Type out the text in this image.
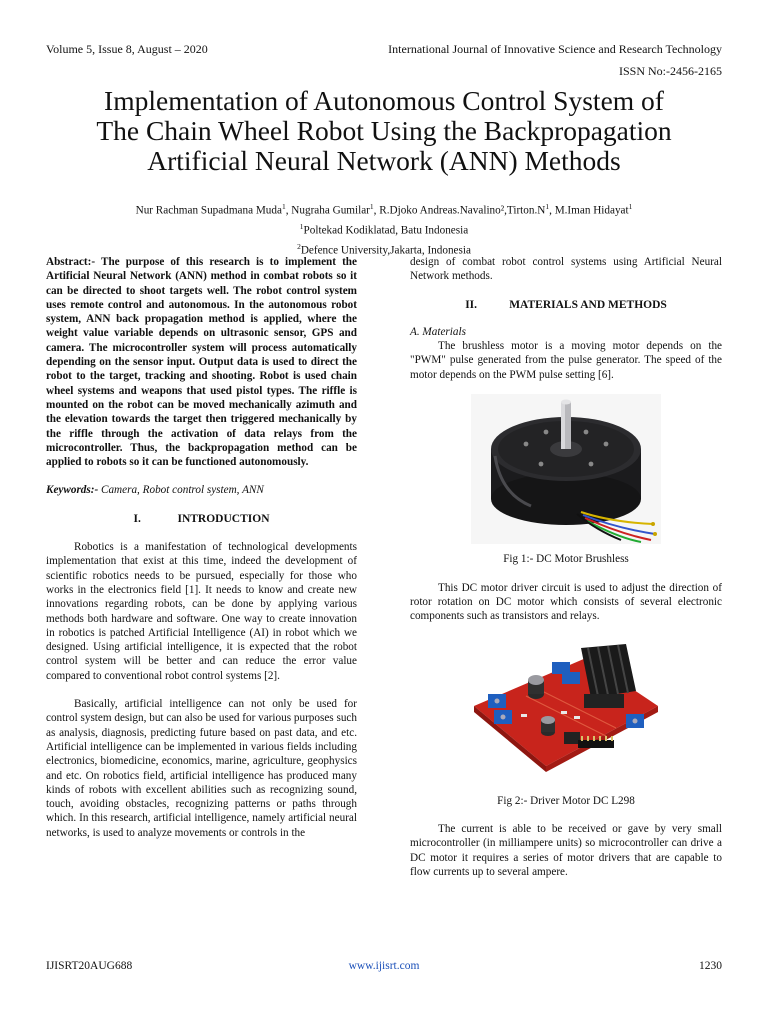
Volume 5, Issue 8, August – 2020	International Journal of Innovative Science and Research Technology
ISSN No:-2456-2165
Implementation of Autonomous Control System of
The Chain Wheel Robot Using the Backpropagation
Artificial Neural Network (ANN) Methods
Nur Rachman Supadmana Muda$^1$, Nugraha Gumilar$^1$, R.Djoko $Andreas.Navalino^2,Tirton.N^1$, M.Iman Hidayat$^1$
$^1$Poltekad Kodiklatad, Batu Indonesia
$^2$Defence University,Jakarta, Indonesia

Abstract:- The purpose of this research is to implement the Artificial Neural Network (ANN) method in combat robots so it can be directed to shoot targets well. The robot control system uses remote control and autonomous. In the autonomous robot system, ANN back propagation method is applied, where the weight value variable depends on ultrasonic sensor, GPS and camera. The microcontroller system will process automatically depending on the sensor input. Output data is used to direct the robot to the target, tracking and shooting. Robot is used chain wheel systems and weapons that used pistol types. The riffle is mounted on the robot can be moved mechanically azimuth and the elevation towards the target then triggered mechanically by the riffle through the activation of data relays from the microcontroller. Thus, the backpropagation method can be applied to robots so it can be functioned autonomously.

Keywords:- Camera, Robot control system, ANN

I.	INTRODUCTION

Robotics is a manifestation of technological developments implementation that exist at this time, indeed the development of scientific robotics needs to be pursued, especially for those who works in the electronics field [1]. It needs to know and create new innovations regarding robots, can be done by applying various methods both hardware and software. One way to create innovation in robotics is patched Artificial Intelligence (AI) in robot which we designed. Using artificial intelligence, it is expected that the robot control system will be better and can reduce the error value compared to conventional robot control systems [2].

Basically, artificial intelligence can not only be used for control system design, but can also be used for various purposes such as analysis, diagnosis, predicting future based on past data, and etc. Artificial intelligence can be implemented in various fields including electronics, biomedicine, economics, marine, agriculture, geophysics and etc. On robotics field, artificial intelligence has produced many kinds of robots with excellent abilities such as recognizing sound, touch, avoiding obstacles, recognizing patterns or paths through which. In this research, artificial intelligence, namely artificial neural networks, is used to analyze movements or controls in the

design of combat robot control systems using Artificial Neural Network methods.

II.	MATERIALS AND METHODS

A. Materials

The brushless motor is a moving motor depends on the "PWM" pulse generated from the pulse generator. The speed of the motor depends on the PWM pulse setting [6].

Fig 1:- DC Motor Brushless

This DC motor driver circuit is used to adjust the direction of rotor rotation on DC motor which consists of several electronic components such as transistors and relays.

Fig 2:- Driver Motor DC L298

The current is able to be received or gave by very small microcontroller (in milliampere units) so microcontroller can drive a DC motor it requires a series of motor drivers that are capable to flow currents up to several ampere.

IJISRT20AUG688	www.ijisrt.com	1230
